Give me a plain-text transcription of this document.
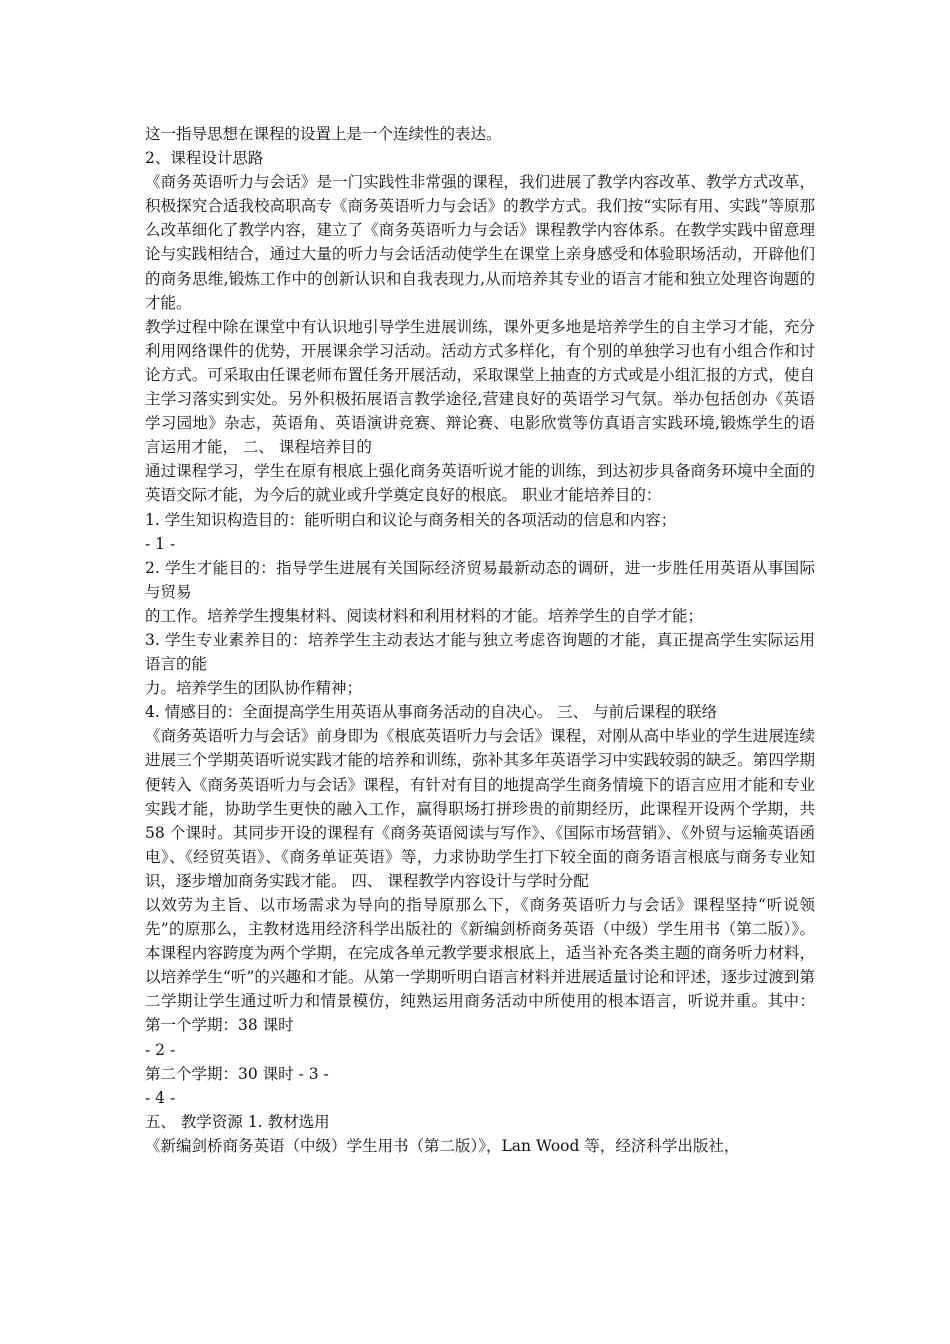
这一指导思想在课程的设置上是一个连续性的表达。

2、课程设计思路

《商务英语听力与会话》是一门实践性非常强的课程，我们进展了教学内容改革、教学方式改革，积极探究合适我校高职高专《商务英语听力与会话》的教学方式。我们按“实际有用、实践”等原那么改革细化了教学内容，建立了《商务英语听力与会话》课程教学内容体系。在教学实践中留意理论与实践相结合，通过大量的听力与会话活动使学生在课堂上亲身感受和体验职场活动，开辟他们的商务思维,锻炼工作中的创新认识和自我表现力,从而培养其专业的语言才能和独立处理咨询题的才能。

教学过程中除在课堂中有认识地引导学生进展训练，课外更多地是培养学生的自主学习才能，充分利用网络课件的优势，开展课余学习活动。活动方式多样化，有个别的单独学习也有小组合作和讨论方式。可采取由任课老师布置任务开展活动，采取课堂上抽查的方式或是小组汇报的方式，使自主学习落实到实处。另外积极拓展语言教学途径,营建良好的英语学习气氛。举办包括创办《英语学习园地》杂志，英语角、英语演讲竞赛、辩论赛、电影欣赏等仿真语言实践环境,锻炼学生的语言运用才能， 二、 课程培养目的

通过课程学习，学生在原有根底上强化商务英语听说才能的训练，到达初步具备商务环境中全面的英语交际才能，为今后的就业或升学奠定良好的根底。 职业才能培养目的：

1. 学生知识构造目的：能听明白和议论与商务相关的各项活动的信息和内容；

- 1 -

2. 学生才能目的：指导学生进展有关国际经济贸易最新动态的调研，进一步胜任用英语从事国际与贸易

的工作。培养学生搜集材料、阅读材料和利用材料的才能。培养学生的自学才能；

3. 学生专业素养目的：培养学生主动表达才能与独立考虑咨询题的才能，真正提高学生实际运用语言的能

力。培养学生的团队协作精神；

4. 情感目的：全面提高学生用英语从事商务活动的自决心。 三、 与前后课程的联络

《商务英语听力与会话》前身即为《根底英语听力与会话》课程，对刚从高中毕业的学生进展连续进展三个学期英语听说实践才能的培养和训练，弥补其多年英语学习中实践较弱的缺乏。第四学期便转入《商务英语听力与会话》课程，有针对有目的地提高学生商务情境下的语言应用才能和专业实践才能，协助学生更快的融入工作，赢得职场打拼珍贵的前期经历，此课程开设两个学期，共 58 个课时。其同步开设的课程有《商务英语阅读与写作》、《国际市场营销》、《外贸与运输英语函电》、《经贸英语》、《商务单证英语》等，力求协助学生打下较全面的商务语言根底与商务专业知识，逐步增加商务实践才能。 四、 课程教学内容设计与学时分配

以效劳为主旨、以市场需求为导向的指导原那么下，《商务英语听力与会话》课程坚持“听说领先”的原那么，主教材选用经济科学出版社的《新编剑桥商务英语（中级）学生用书（第二版）》。本课程内容跨度为两个学期，在完成各单元教学要求根底上，适当补充各类主题的商务听力材料，以培养学生“听”的兴趣和才能。从第一学期听明白语言材料并进展适量讨论和评述，逐步过渡到第二学期让学生通过听力和情景模仿，纯熟运用商务活动中所使用的根本语言，听说并重。其中： 第一个学期：38 课时

- 2 -

第二个学期：30 课时 - 3 -

- 4 -

五、 教学资源 1. 教材选用

《新编剑桥商务英语（中级）学生用书（第二版）》，Lan Wood 等，经济科学出版社，
